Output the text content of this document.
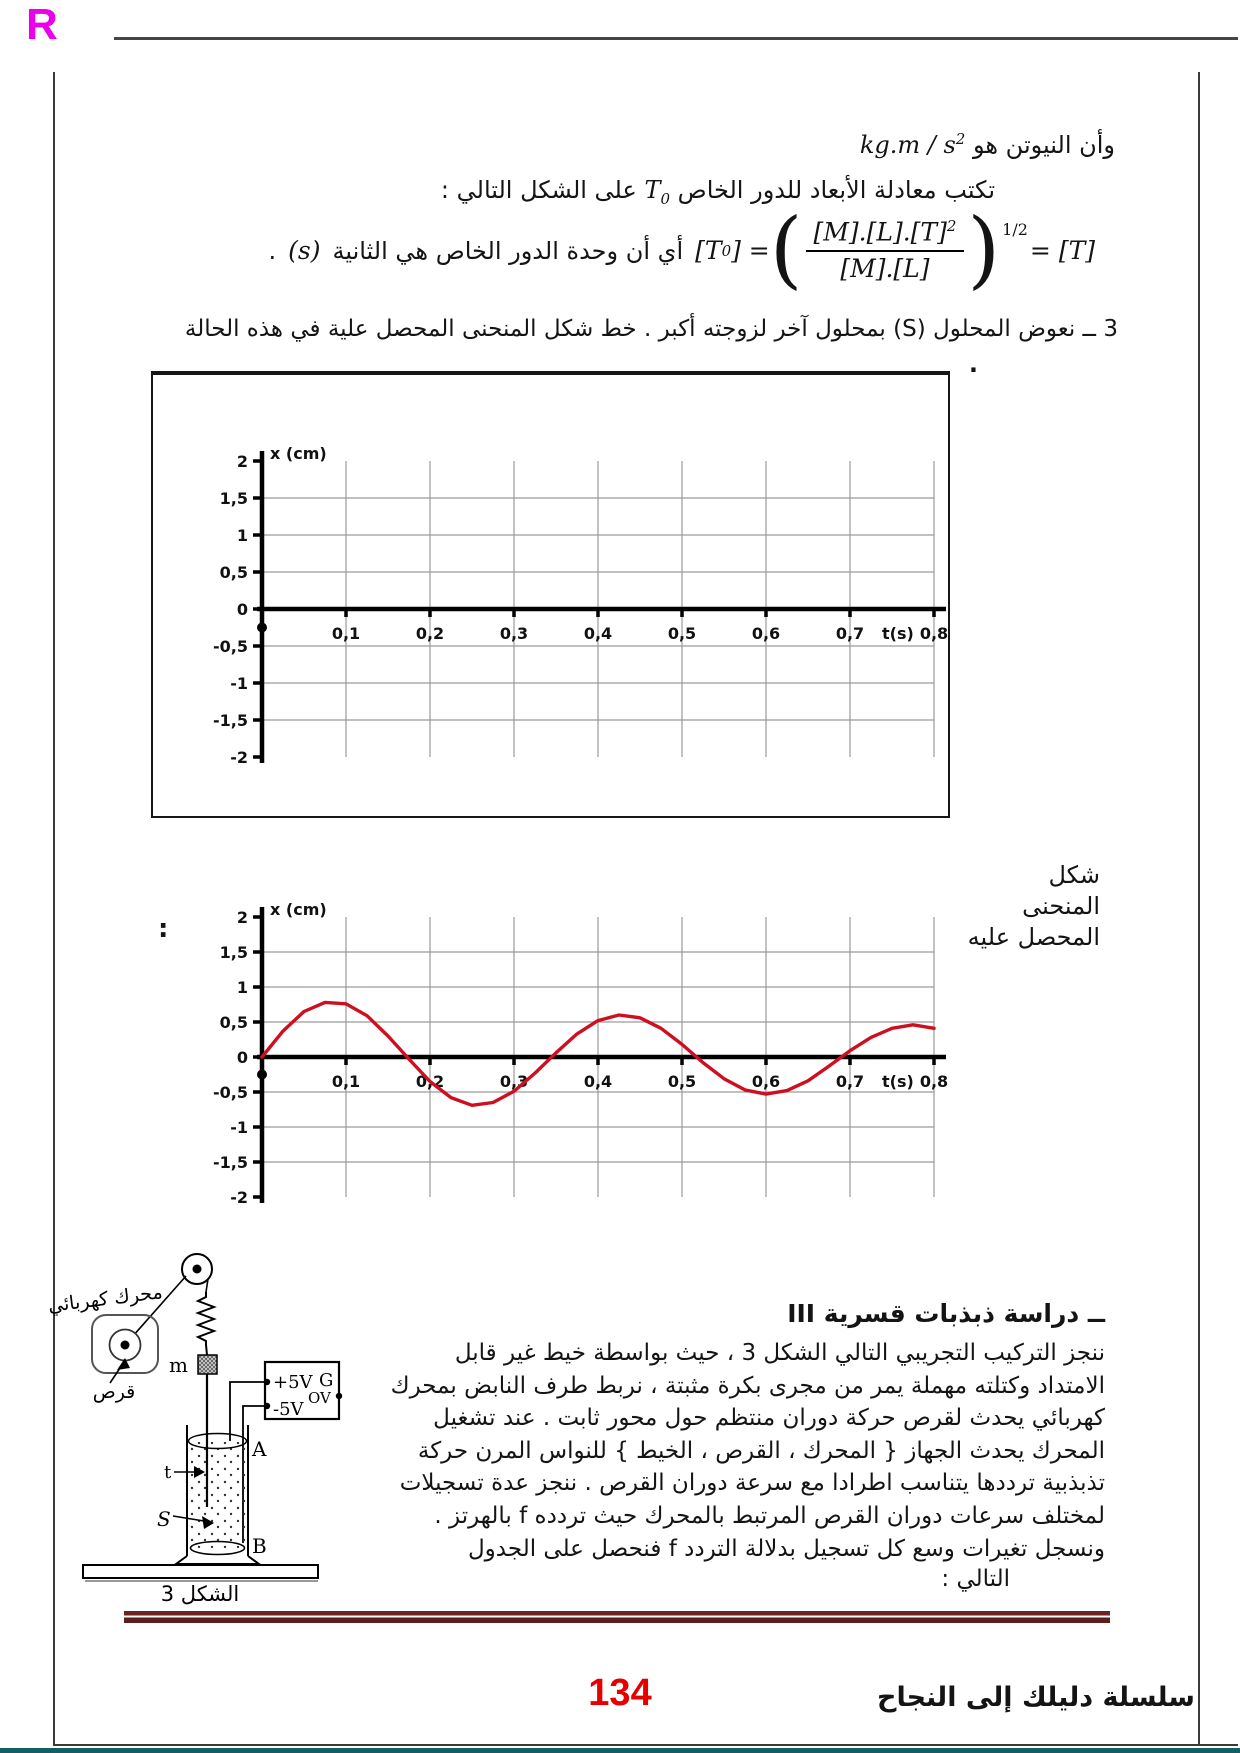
R
وأن النيوتن هو $kg.m / s^2$
تكتب معادلة الأبعاد للدور الخاص $T_0$ على الشكل التالي :
[T 0 ] = ( $\frac{[M].[L].[T]^2}{[M].[L]}$ ) 1/2
= [T]
أي أن وحدة الدور الخاص هي الثانية
(s)
.
3 ــ نعوض المحلول (S) بمحلول آخر لزوجته أكبر . خط شكل المنحنى المحصل علية في هذه الحالة
.
0,1	0,2	0,3	0,4	0,5	0,6	0,7	0,8
2
1,5
1
0,5
0
-0,5
-1
-1,5
-2
x (cm)
t(s)
شكل
المنحنى
المحصل عليه
:
0,1	0,2	0,3	0,4	0,5	0,6	0,7	0,8
2
1,5
1
0,5
0
-0,5
-1
-1,5
-2
x (cm)
t(s)
III ــ دراسة ذبذبات قسرية
ننجز التركيب التجريبي التالي الشكل 3 ، حيث بواسطة خيط غير قابل
الامتداد وكتلته مهملة يمر من مجرى بكرة مثبتة ، نربط طرف النابض بمحرك
كهربائي يحدث لقرص حركة دوران منتظم حول محور ثابت . عند تشغيل
المحرك يحدث الجهاز { المحرك ، القرص ، الخيط } للنواس المرن حركة
تذبذبية ترددها يتناسب اطرادا مع سرعة دوران القرص . ننجز عدة تسجيلات
لمختلف سرعات دوران القرص المرتبط بالمحرك حيث تردده f بالهرتز .
ونسجل تغيرات وسع كل تسجيل بدلالة التردد f فنحصل على الجدول
التالي :
محرك كهربائي
قرص
m
+5V G
OV
-5V
A
B
t
S
الشكل 3
سلسلة دليلك إلى النجاح
134
